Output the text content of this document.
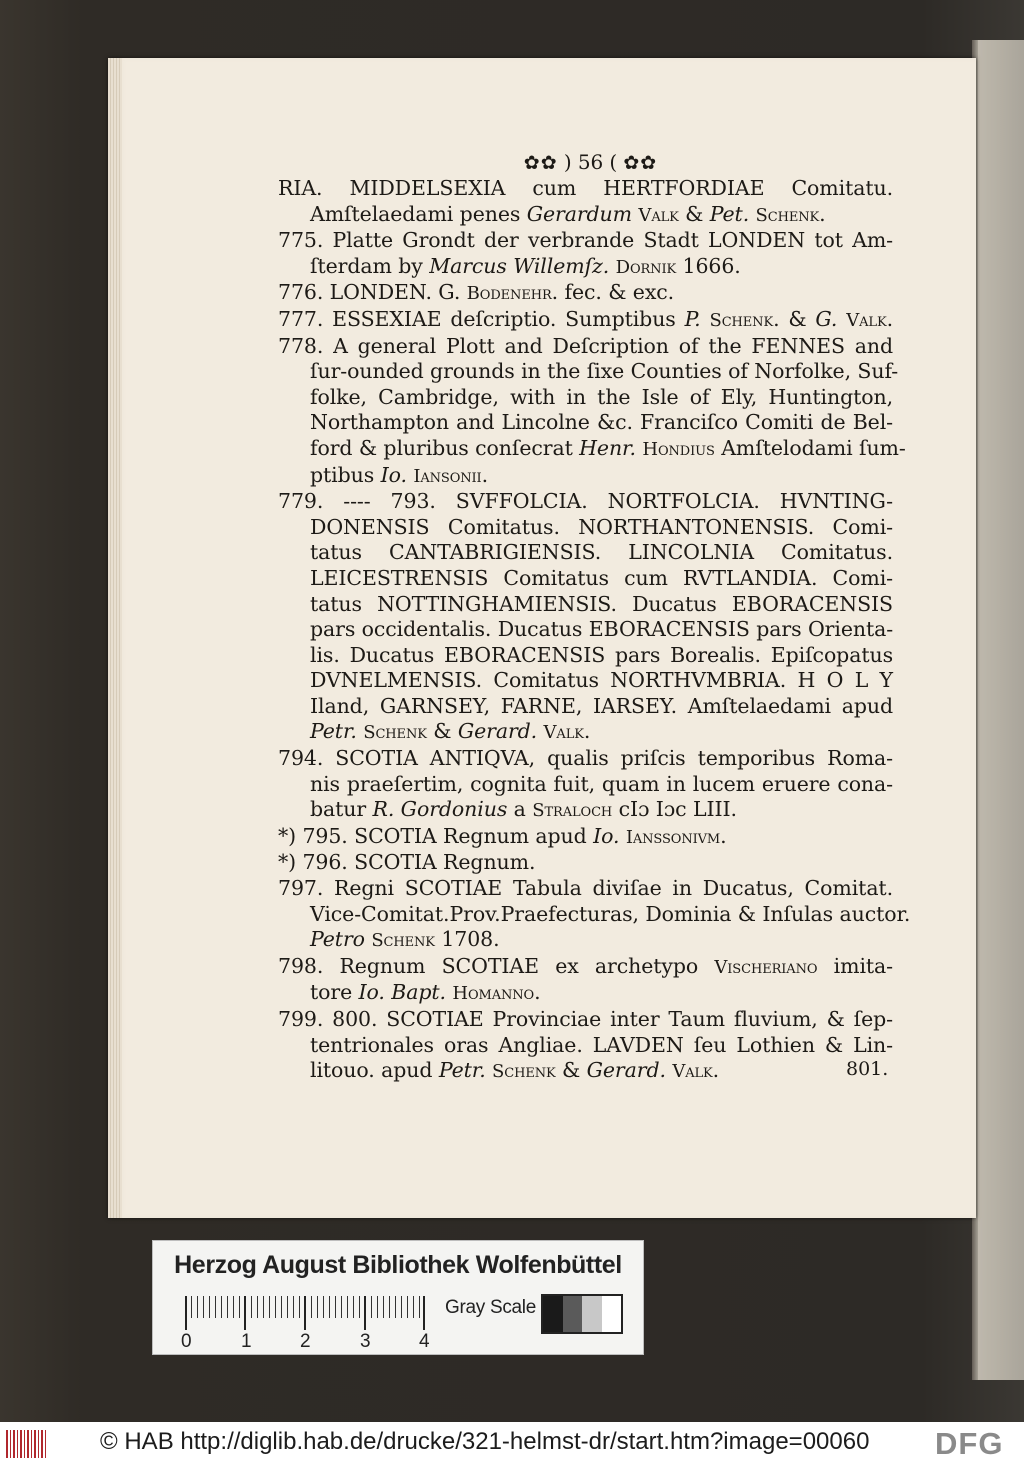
✿✿ ) 56 ( ✿✿
RIA. MIDDELSEXIA cum HERTFORDIAE Comitatu.
Amſtelaedami penes Gerardum Valk & Pet. Schenk.
775. Platte Grondt der verbrande Stadt LONDEN tot Am-
ſterdam by Marcus Willemſz. Dornik 1666.
776. LONDEN. G. Bodenehr. fec. & exc.
777. ESSEXIAE deſcriptio. Sumptibus P. Schenk. & G. Valk.
778. A general Plott and Deſcription of the FENNES and
ſur-ounded grounds in the ſixe Counties of Norfolke, Suf-
folke, Cambridge, with in the Isle of Ely, Huntington,
Northampton and Lincolne &c. Franciſco Comiti de Bel-
ford & pluribus conſecrat Henr. Hondius Amſtelodami ſum-
ptibus Io. Iansonii.
779. ---- 793. SVFFOLCIA. NORTFOLCIA. HVNTING-
DONENSIS Comitatus. NORTHANTONENSIS. Comi-
tatus CANTABRIGIENSIS. LINCOLNIA Comitatus.
LEICESTRENSIS Comitatus cum RVTLANDIA. Comi-
tatus NOTTINGHAMIENSIS. Ducatus EBORACENSIS
pars occidentalis. Ducatus EBORACENSIS pars Orienta-
lis. Ducatus EBORACENSIS pars Borealis. Epiſcopatus
DVNELMENSIS. Comitatus NORTHVMBRIA. H O L Y
Iland, GARNSEY, FARNE, IARSEY. Amſtelaedami apud
Petr. Schenk & Gerard. Valk.
794. SCOTIA ANTIQVA, qualis priſcis temporibus Roma-
nis praeſertim, cognita fuit, quam in lucem eruere cona-
batur R. Gordonius a Straloch cIɔ Iɔc LIII.
*) 795. SCOTIA Regnum apud Io. Ianssonivm.
*) 796. SCOTIA Regnum.
797. Regni SCOTIAE Tabula diviſae in Ducatus, Comitat.
Vice-Comitat.Prov.Praefecturas, Dominia & Inſulas auctor.
Petro Schenk 1708.
798. Regnum SCOTIAE ex archetypo Vischeriano imita-
tore Io. Bapt. Homanno.
799. 800. SCOTIAE Provinciae inter Taum fluvium, & ſep-
tentrionales oras Angliae. LAVDEN ſeu Lothien & Lin-
litouo. apud Petr. Schenk & Gerard. Valk.	801.
Herzog August Bibliothek Wolfenbüttel
0	1	2	3	4
Gray Scale
© HAB http://diglib.hab.de/drucke/321-helmst-dr/start.htm?image=00060 DFG
